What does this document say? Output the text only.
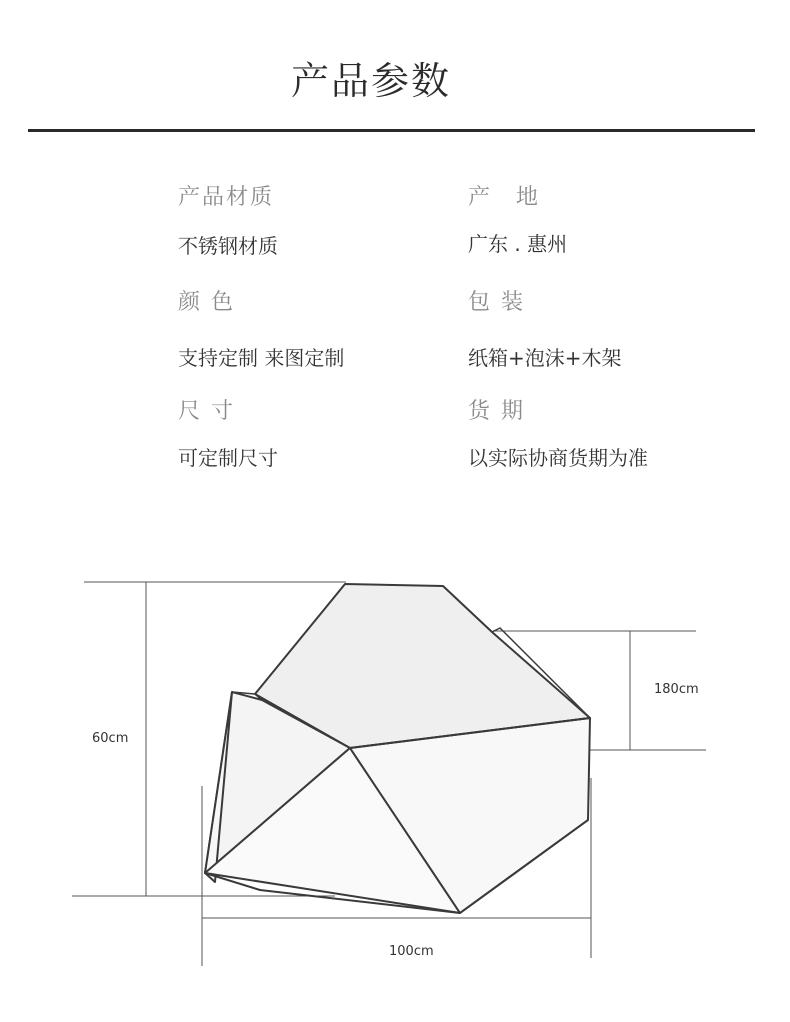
产品参数
产品材质
不锈钢材质
产　地
广东 . 惠州
颜 色
支持定制 来图定制
包 装
纸箱+泡沫+木架
尺 寸
可定制尺寸
货 期
以实际协商货期为准
60cm
180cm
100cm
